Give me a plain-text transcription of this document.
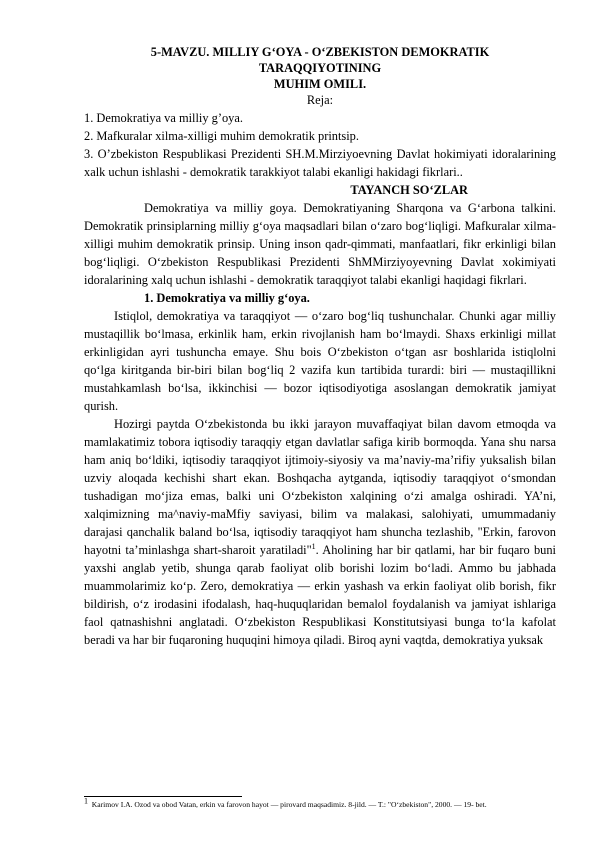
5-MAVZU. MILLIY G‘OYA - O‘ZBEKISTON DEMOKRATIK
TARAQQIYOTINING
MUHIM OMILI.
Reja:

1. Demokratiya va milliy g’oya.

2. Mafkuralar xilma-xilligi muhim demokratik printsip.

3. O’zbekiston Respublikasi Prezidenti SH.M.Mirziyoevning Davlat hokimiyati idoralarining xalk uchun ishlashi - demokratik tarakkiyot talabi ekanligi hakidagi fikrlari..

TAYANCH SO‘ZLAR

Demokratiya va milliy goya. Demokratiyaning Sharqona va G‘arbona talkini. Demokratik prinsiplarning milliy g‘oya maqsadlari bilan o‘zaro bog‘liqligi. Mafkuralar xilma- xilligi muhim demokratik prinsip. Uning inson qadr-qimmati, manfaatlari, fikr erkinligi bilan bog‘liqligi. O‘zbekiston Respublikasi Prezidenti ShMMirziyoyevning Davlat xokimiyati idoralarining xalq uchun ishlashi - demokratik taraqqiyot talabi ekanligi haqidagi fikrlari.

1. Demokratiya va milliy g‘oya.

Istiqlol, demokratiya va taraqqiyot — o‘zaro bog‘liq tushunchalar. Chunki agar milliy mustaqillik bo‘lmasa, erkinlik ham, erkin rivojlanish ham bo‘lmaydi. Shaxs erkinligi millat erkinligidan ayri tushuncha emaye. Shu bois O‘zbekiston o‘tgan asr boshlarida istiqlolni qo‘lga kiritganda bir-biri bilan bog‘liq 2 vazifa kun tartibida turardi: biri — mustaqillikni mustahkamlash bo‘lsa, ikkinchisi — bozor iqtisodiyotiga asoslangan demokratik jamiyat qurish.

Hozirgi paytda O‘zbekistonda bu ikki jarayon muvaffaqiyat bilan davom etmoqda va mamlakatimiz tobora iqtisodiy taraqqiy etgan davlatlar safiga kirib bormoqda. Yana shu narsa ham aniq bo‘ldiki, iqtisodiy taraqqiyot ijtimoiy-siyosiy va ma’naviy-ma’rifiy yuksalish bilan uzviy aloqada kechishi shart ekan. Boshqacha aytganda, iqtisodiy taraqqiyot o‘smondan tushadigan mo‘jiza emas, balki uni O‘zbekiston xalqining o‘zi amalga oshiradi. YA’ni, xalqimizning ma^naviy-maMfiy saviyasi, bilim va malakasi, salohiyati, umummadaniy darajasi qanchalik baland bo‘lsa, iqtisodiy taraqqiyot ham shuncha tezlashib, "Erkin, farovon hayotni ta’minlashga shart-sharoit yaratiladi"$^1$. Aholining har bir qatlami, har bir fuqaro buni yaxshi anglab yetib, shunga qarab faoliyat olib borishi lozim bo‘ladi. Ammo bu jabhada muammolarimiz ko‘p. Zero, demokratiya — erkin yashash va erkin faoliyat olib borish, fikr bildirish, o‘z irodasini ifodalash, haq-huquqlaridan bemalol foydalanish va jamiyat ishlariga faol qatnashishni anglatadi. O‘zbekiston Respublikasi Konstitutsiyasi bunga to‘la kafolat beradi va har bir fuqaroning huquqini himoya qiladi. Biroq ayni vaqtda, demokratiya yuksak

$^1$ Karimov I.A. Ozod va obod Vatan, erkin va farovon hayot — pirovard maqsadimiz. 8-jild. — T.: "O‘zbekiston", 2000. — 19- bet.
